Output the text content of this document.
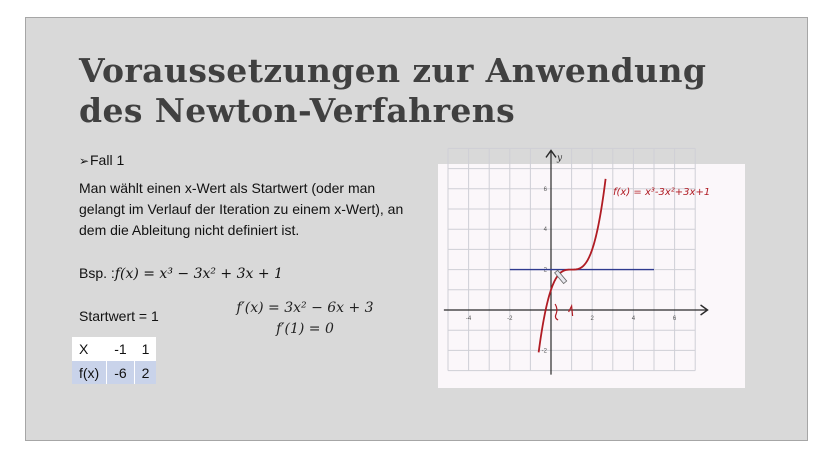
Voraussetzungen zur Anwendung
des Newton-Verfahrens
➢Fall 1
Man wählt einen x-Wert als Startwert (oder man gelangt im Verlauf der Iteration zu einem x-Wert), an dem die Ableitung nicht definiert ist.
Bsp. :f(x) = x³ − 3x² + 3x + 1
Startwert = 1	f′(x) = 3x² − 6x + 3
f′(1) = 0
X	-1	1
f(x)	-6	2
-4	-2	2	4	6
6
4
2
-2
y
f(x) = x³-3x²+3x+1
